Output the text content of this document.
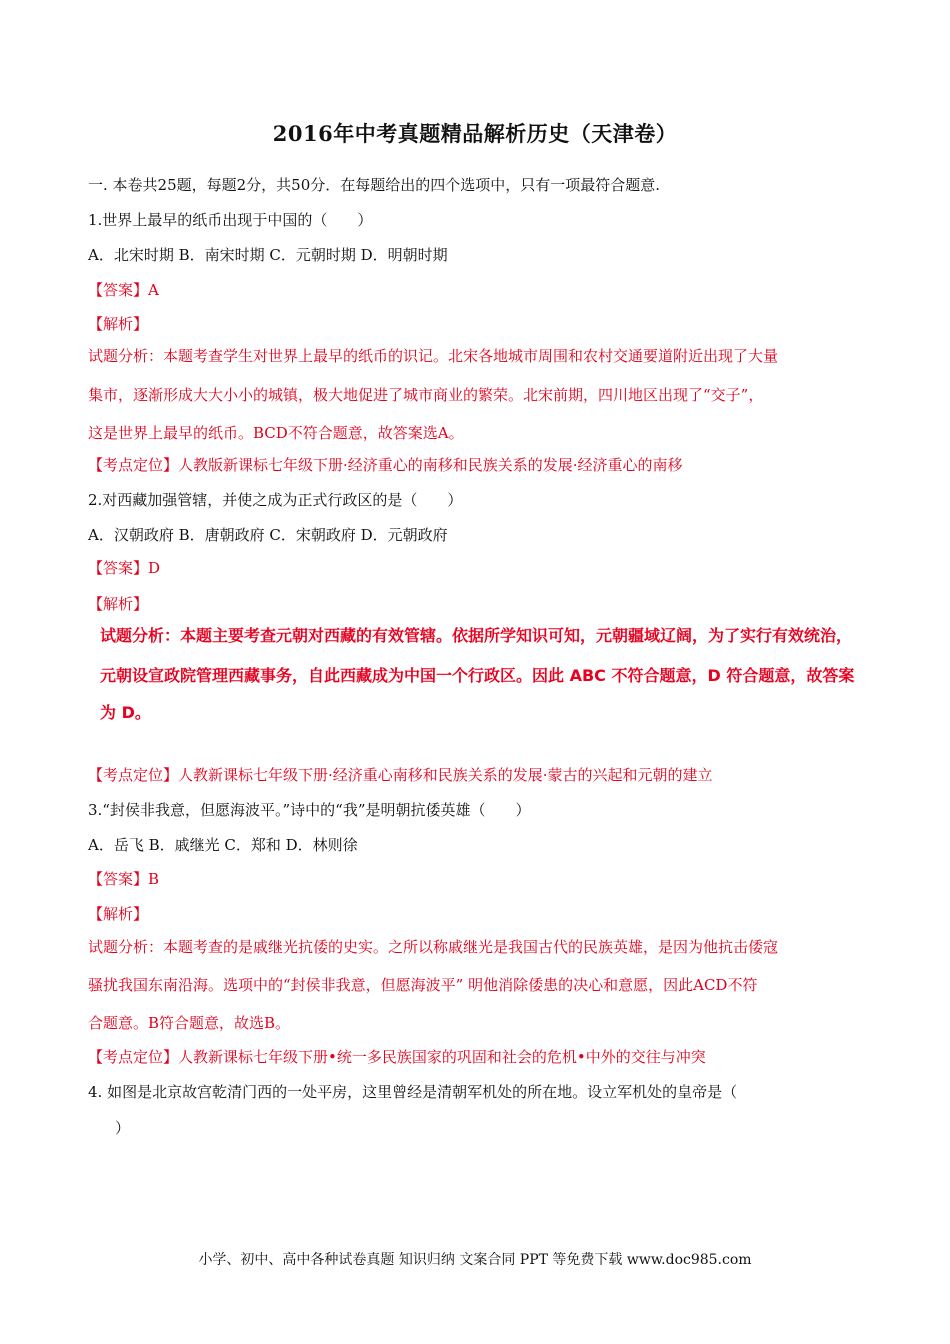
2016年中考真题精品解析历史（天津卷）
一. 本卷共25题，每题2分，共50分．在每题给出的四个选项中，只有一项最符合题意.
1.世界上最早的纸币出现于中国的（　　）
A．北宋时期 B．南宋时期 C．元朝时期 D．明朝时期
【答案】A
【解析】
试题分析：本题考查学生对世界上最早的纸币的识记。北宋各地城市周围和农村交通要道附近出现了大量
集市，逐渐形成大大小小的城镇，极大地促进了城市商业的繁荣。北宋前期，四川地区出现了“交子”，
这是世界上最早的纸币。BCD不符合题意，故答案选A。
【考点定位】人教版新课标七年级下册·经济重心的南移和民族关系的发展·经济重心的南移
2.对西藏加强管辖，并使之成为正式行政区的是（　　）
A．汉朝政府 B．唐朝政府 C．宋朝政府 D．元朝政府
【答案】D
【解析】
试题分析：本题主要考查元朝对西藏的有效管辖。依据所学知识可知，元朝疆域辽阔，为了实行有效统治，
元朝设宣政院管理西藏事务，自此西藏成为中国一个行政区。因此 ABC 不符合题意，D 符合题意，故答案
为 D。
【考点定位】人教新课标七年级下册·经济重心南移和民族关系的发展·蒙古的兴起和元朝的建立
3.“封侯非我意，但愿海波平。”诗中的“我”是明朝抗倭英雄（　　）
A．岳飞 B．戚继光 C．郑和 D．林则徐
【答案】B
【解析】
试题分析：本题考查的是戚继光抗倭的史实。之所以称戚继光是我国古代的民族英雄，是因为他抗击倭寇
骚扰我国东南沿海。选项中的“封侯非我意，但愿海波平” 明他消除倭患的决心和意愿，因此ACD不符
合题意。B符合题意，故选B。
【考点定位】人教新课标七年级下册•统一多民族国家的巩固和社会的危机•中外的交往与冲突
4. 如图是北京故宫乾清门西的一处平房，这里曾经是清朝军机处的所在地。设立军机处的皇帝是（
　）
小学、初中、高中各种试卷真题 知识归纳 文案合同 PPT 等免费下载 www.doc985.com
